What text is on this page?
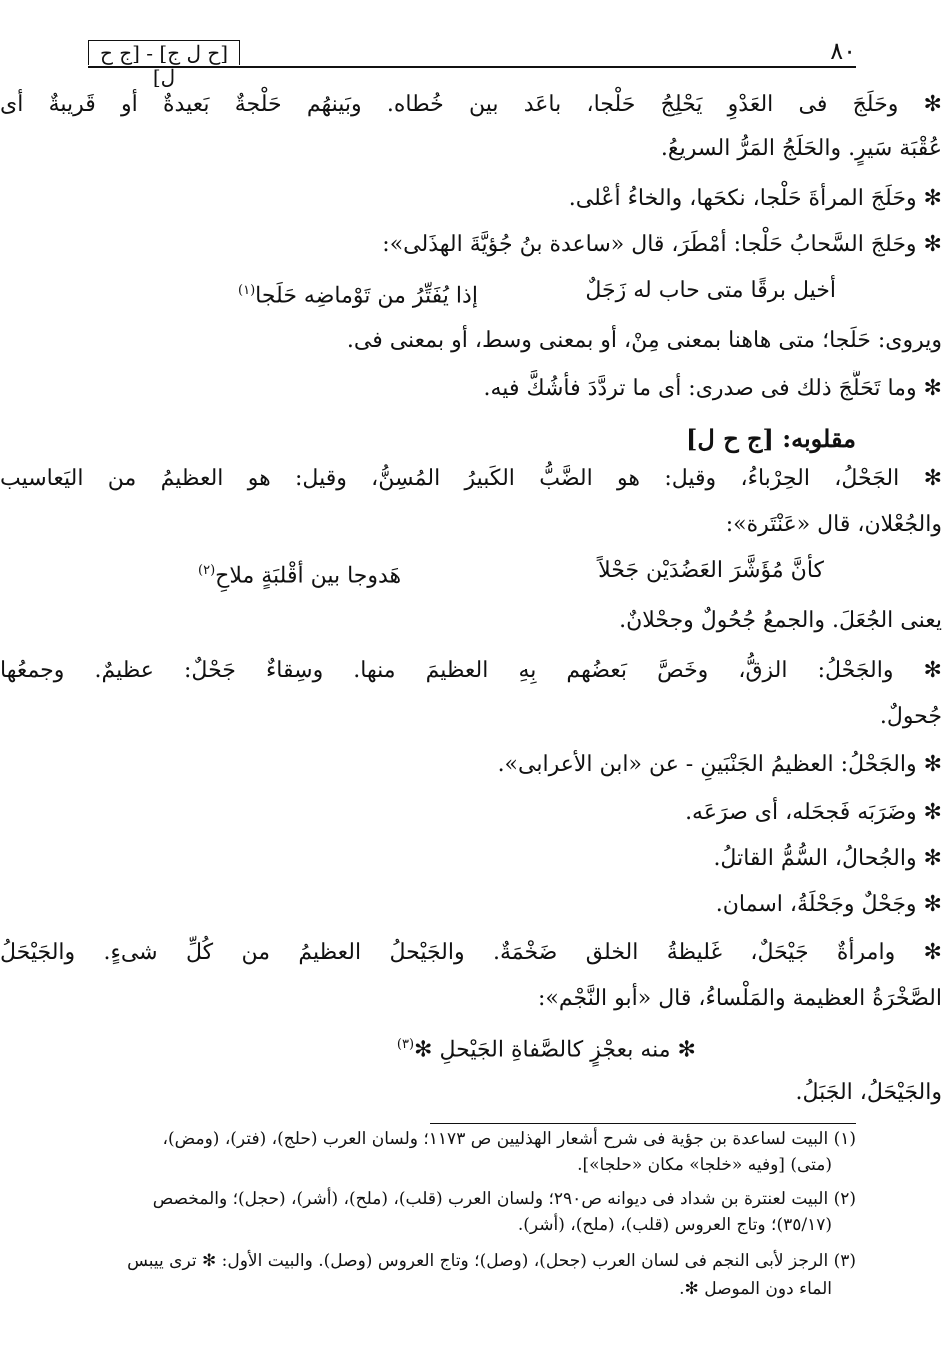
[ح ل ج] - [ج ح ل]
٨٠
✻ وحَلَجَ فى العَدْوِ يَحْلِجُ حَلْجا، باعَد بين خُطاه. وبَينهُم حَلْجةٌ بَعيدةٌ أو قَريبةٌ أى
عُقْبَة سَيرٍ. والحَلَجُ المَرُّ السريعُ.
✻ وحَلَجَ المرأةَ حَلْجا، نكحَها، والخاءُ أعْلى.
✻ وحَلجَ السَّحابُ حَلْجا: أمْطَرَ، قال «ساعدة بنُ جُؤيَّةَ الهذَلى»:
أخيل برقًا متى حاب له زَجَلٌ
إذا يُفَتِّرُ من تَوْماضِه حَلَجا$^{(١)}$
ويروى: حَلَجا؛ متى هاهنا بمعنى مِنْ، أو بمعنى وسط، أو بمعنى فى.
✻ وما تَحَلَّجَ ذلك فى صدرى: أى ما تردَّدَ فأشُكَّ فيه.
مقلوبه: [ج ح ل]
✻ الجَحْلُ، الحِرْباءُ، وقيل: هو الضَّبُّ الكَبيرُ المُسِنُّ، وقيل: هو العظيمُ من اليَعاسيب
والجُعْلان، قال «عَنْتَرة»:
كأنَّ مُؤَشَّرَ العَضُدَيْن جَحْلاً
هَدوجا بين أقْلبَةٍ ملاحِ$^{(٢)}$
يعنى الجُعَلَ. والجمعُ جُحُولٌ وجحْلانٌ.
✻ والجَحْلُ: الزقُّ، وخَصَّ بَعضُهم بِهِ العظيمَ منها. وسِقاءٌ جَحْلٌ: عظيمٌ. وجمعُها
جُحولٌ.
✻ والجَحْلُ: العظيمُ الجَنْبَينِ - عن «ابن الأعرابى».
✻ وضَرَبَه فَجحَله، أى صرَعَه.
✻ والجُحالُ، السُّمُّ القاتلُ.
✻ وجَحْلٌ وجَحْلَةُ، اسمان.
✻ وامرأةٌ جَيْحَلٌ، غَليظةُ الخلق ضَخْمَةٌ. والجَيْحلُ العظيمُ من كُلِّ شىءٍ. والجَيْحَلُ
الصَّخْرَةُ العظيمة والمَلْساءُ، قال «أبو النَّجْم»:
✻ منه بعجْزٍ كالصَّفاةِ الجَيْحلِ ✻$^{(٣)}$
والجَيْحَلُ، الجَبَلُ.
(١) البيت لساعدة بن جؤية فى شرح أشعار الهذليين ص ١١٧٣؛ ولسان العرب (حلج)، (فتر)، (ومض)،
(متى) [وفيه «خلجا» مكان «حلجا»].
(٢) البيت لعنترة بن شداد فى ديوانه ص٢٩٠؛ ولسان العرب (قلب)، (ملح)، (أشر)، (حجل)؛ والمخصص
(٣٥/١٧)؛ وتاج العروس (قلب)، (ملح)، (أشر).
(٣) الرجز لأبى النجم فى لسان العرب (جحل)، (وصل)؛ وتاج العروس (وصل). والبيت الأول: ✻ ترى ييبس
الماء دون الموصل ✻.
